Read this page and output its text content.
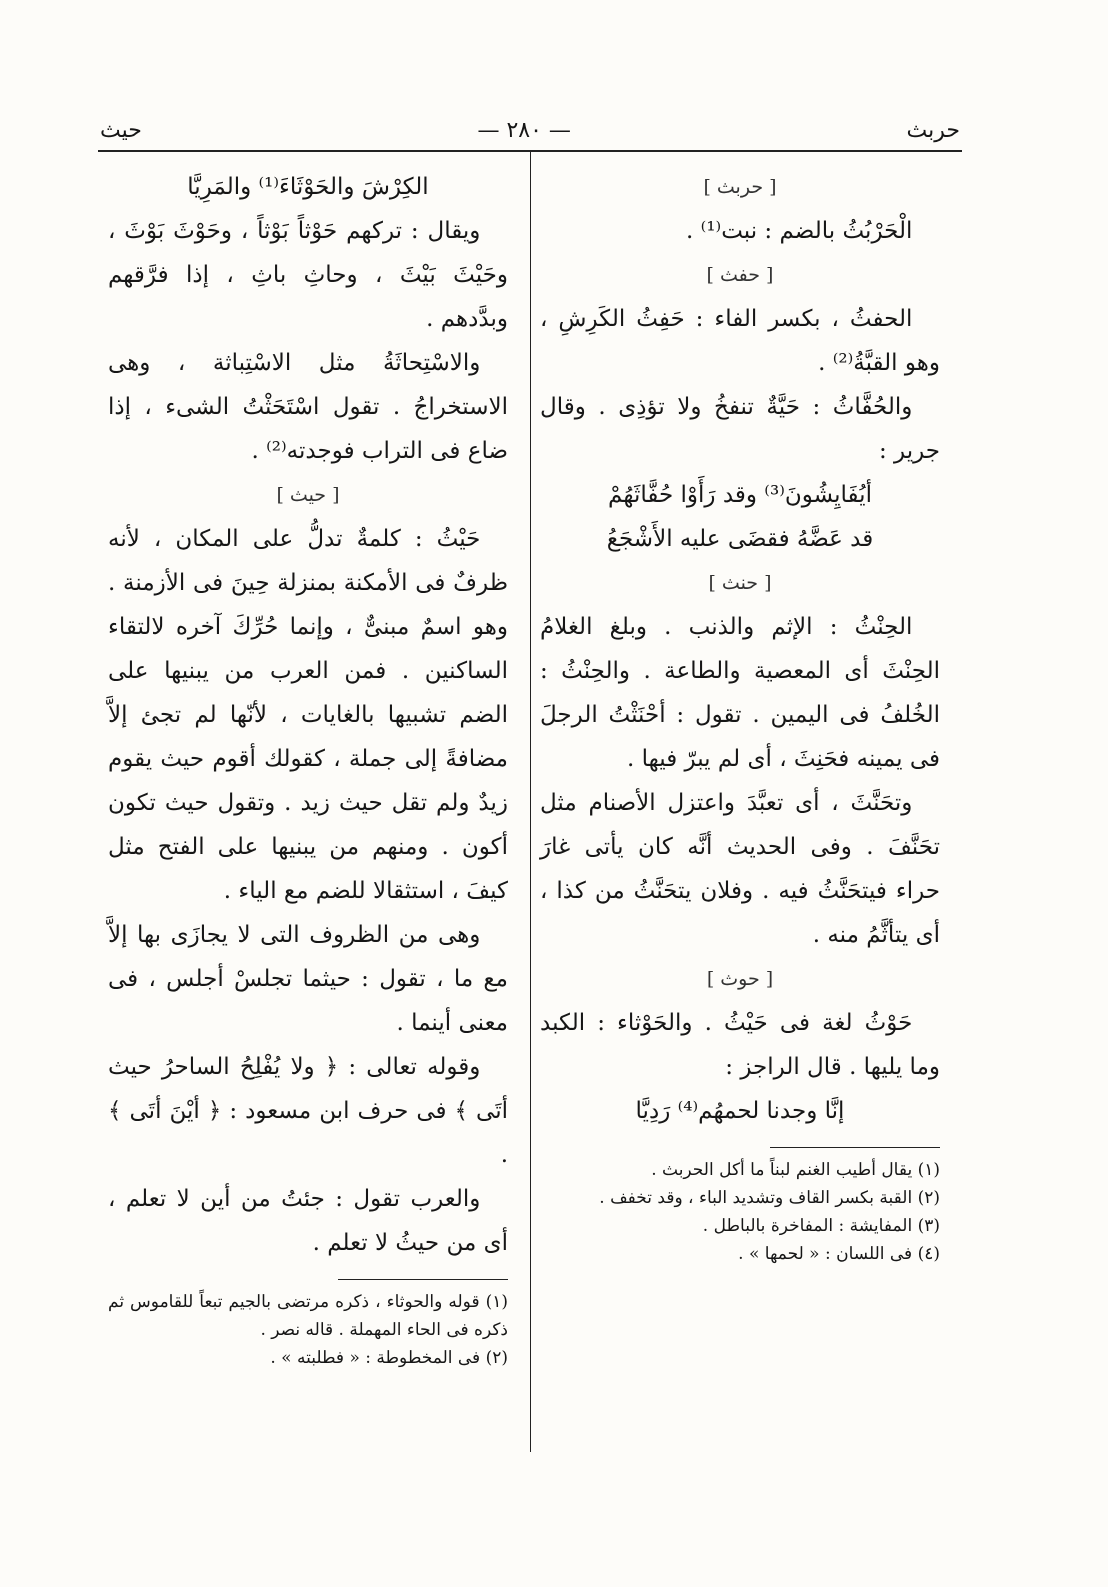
حربث
— ٢٨٠ —
حيث

[ حربث ]

الْحَرْبُثُ بالضم : نبت⁽¹⁾ .

[ حفث ]

الحفثُ ، بكسر الفاء : حَفِثُ الكَرِشِ ، وهو القبَّةُ⁽²⁾ .

والحُفَّاثُ : حَيَّةٌ تنفخُ ولا تؤذِى . وقال جرير :

أيُفَايِشُونَ⁽³⁾ وقد رَأَوْا حُفَّاثَهُمْ

قد عَضَّهُ فقضَى عليه الأَشْجَعُ

[ حنث ]

الحِنْثُ : الإثم والذنب . وبلغ الغلامُ الحِنْثَ أى المعصية والطاعة . والحِنْثُ : الخُلفُ فى اليمين . تقول : أحْنَثْتُ الرجلَ فى يمينه فحَنِثَ ، أى لم يبرّ فيها .

وتحَنَّثَ ، أى تعبَّدَ واعتزل الأصنام مثل تحَنَّفَ . وفى الحديث أنَّه كان يأتى غارَ حراء فيتحَنَّثُ فيه . وفلان يتحَنَّثُ من كذا ، أى يتأثَّمُ منه .

[ حوث ]

حَوْثُ لغة فى حَيْثُ . والحَوْثاء : الكبد وما يليها . قال الراجز :

إنَّا وجدنا لحمهُم⁽⁴⁾ رَدِيَّا

(١) يقال أطيب الغنم لبناً ما أكل الحربث .

(٢) القبة بكسر القاف وتشديد الباء ، وقد تخفف .

(٣) المفايشة : المفاخرة بالباطل .

(٤) فى اللسان : « لحمها » .

الكِرْشَ والحَوْثَاءَ⁽¹⁾ والمَرِيَّا

ويقال : تركهم حَوْثاً بَوْثاً ، وحَوْثَ بَوْثَ ، وحَيْثَ بَيْثَ ، وحاثِ باثِ ، إذا فرَّقهم وبدَّدهم .

والاسْتِحاثَةُ مثل الاسْتِباثة ، وهى الاستخراجُ . تقول اسْتَحَثْتُ الشىء ، إذا ضاع فى التراب فوجدته⁽²⁾ .

[ حيث ]

حَيْثُ : كلمةٌ تدلُّ على المكان ، لأنه ظرفٌ فى الأمكنة بمنزلة حِينَ فى الأزمنة . وهو اسمٌ مبنىٌّ ، وإنما حُرِّكَ آخره لالتقاء الساكنين . فمن العرب من يبنيها على الضم تشبيها بالغايات ، لأنّها لم تجئ إلاَّ مضافةً إلى جملة ، كقولك أقوم حيث يقوم زيدٌ ولم تقل حيث زيد . وتقول حيث تكون أكون . ومنهم من يبنيها على الفتح مثل كيفَ ، استثقالا للضم مع الياء .

وهى من الظروف التى لا يجازَى بها إلاَّ مع ما ، تقول : حيثما تجلسْ أجلس ، فى معنى أينما .

وقوله تعالى : ﴿ ولا يُفْلِحُ الساحرُ حيث أتَى ﴾ فى حرف ابن مسعود : ﴿ أيْنَ أتَى ﴾ .

والعرب تقول : جئتُ من أين لا تعلم ، أى من حيثُ لا تعلم .

(١) قوله والحوثاء ، ذكره مرتضى بالجيم تبعاً للقاموس ثم ذكره فى الحاء المهملة . قاله نصر .

(٢) فى المخطوطة : « فطلبته » .
